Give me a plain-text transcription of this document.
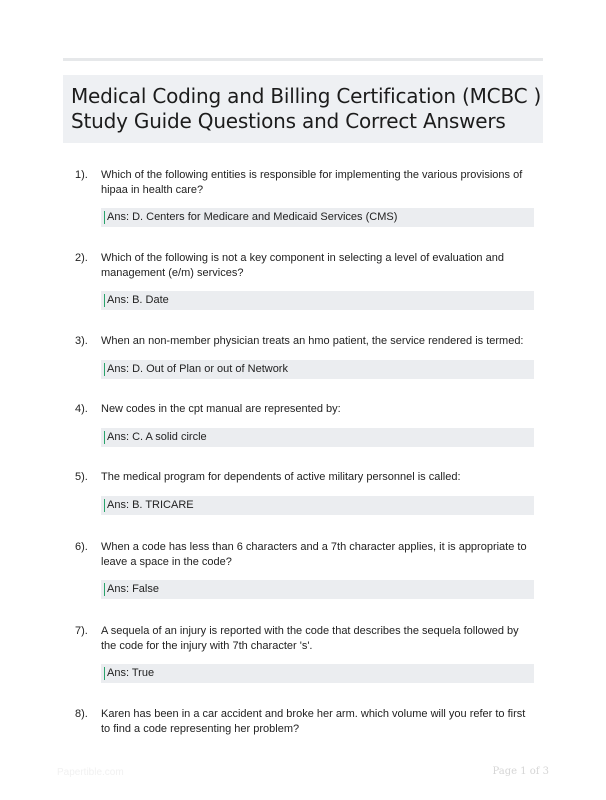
Medical Coding and Billing Certification (MCBC )
Study Guide Questions and Correct Answers
1). Which of the following entities is responsible for implementing the various provisions of hipaa in health care?
Ans: D. Centers for Medicare and Medicaid Services (CMS)
2). Which of the following is not a key component in selecting a level of evaluation and management (e/m) services?
Ans: B. Date
3). When an non-member physician treats an hmo patient, the service rendered is termed:
Ans: D. Out of Plan or out of Network
4). New codes in the cpt manual are represented by:
Ans: C. A solid circle
5). The medical program for dependents of active military personnel is called:
Ans: B. TRICARE
6). When a code has less than 6 characters and a 7th character applies, it is appropriate to leave a space in the code?
Ans: False
7). A sequela of an injury is reported with the code that describes the sequela followed by the code for the injury with 7th character 's'.
Ans: True
8). Karen has been in a car accident and broke her arm. which volume will you refer to first to find a code representing her problem?
Papertible.com	Page 1 of 3
